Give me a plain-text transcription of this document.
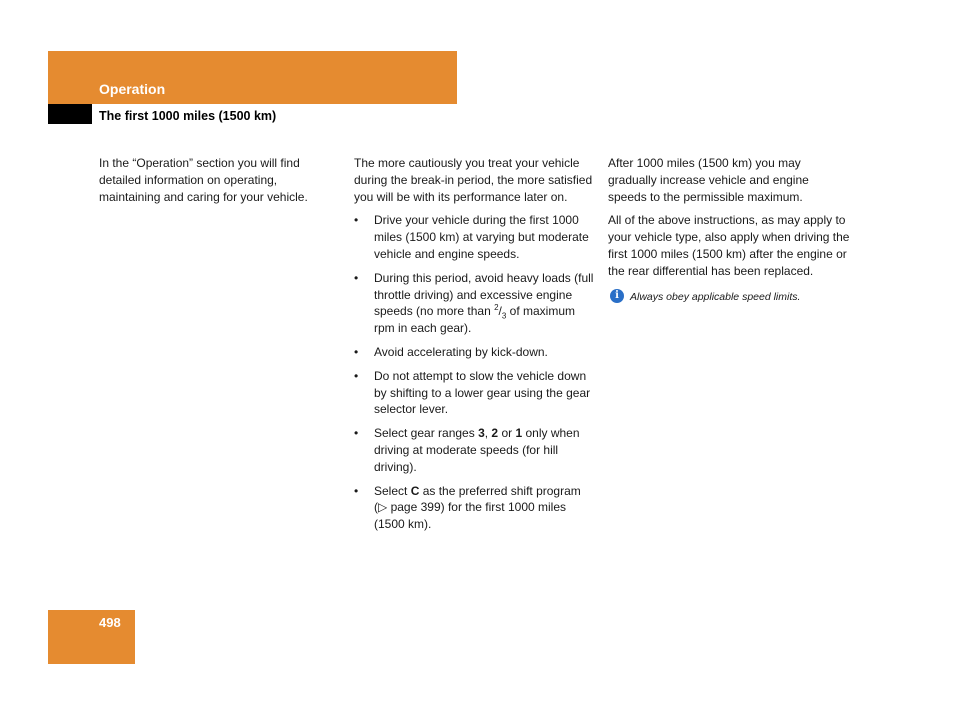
Operation
The first 1000 miles (1500 km)

In the “Operation” section you will find detailed information on operating, maintaining and caring for your vehicle.

The more cautiously you treat your vehicle during the break-in period, the more satisfied you will be with its performance later on.

• Drive your vehicle during the first 1000 miles (1500 km) at varying but moderate vehicle and engine speeds.
• During this period, avoid heavy loads (full throttle driving) and excessive engine speeds (no more than $^2/_3$ of maximum rpm in each gear).
• Avoid accelerating by kick-down.
• Do not attempt to slow the vehicle down by shifting to a lower gear using the gear selector lever.
• Select gear ranges 3, 2 or 1 only when driving at moderate speeds (for hill driving).
• Select C as the preferred shift program (▷ page 399) for the first 1000 miles (1500 km).

After 1000 miles (1500 km) you may gradually increase vehicle and engine speeds to the permissible maximum.

All of the above instructions, as may apply to your vehicle type, also apply when driving the first 1000 miles (1500 km) after the engine or the rear differential has been replaced.

i	Always obey applicable speed limits.
498
